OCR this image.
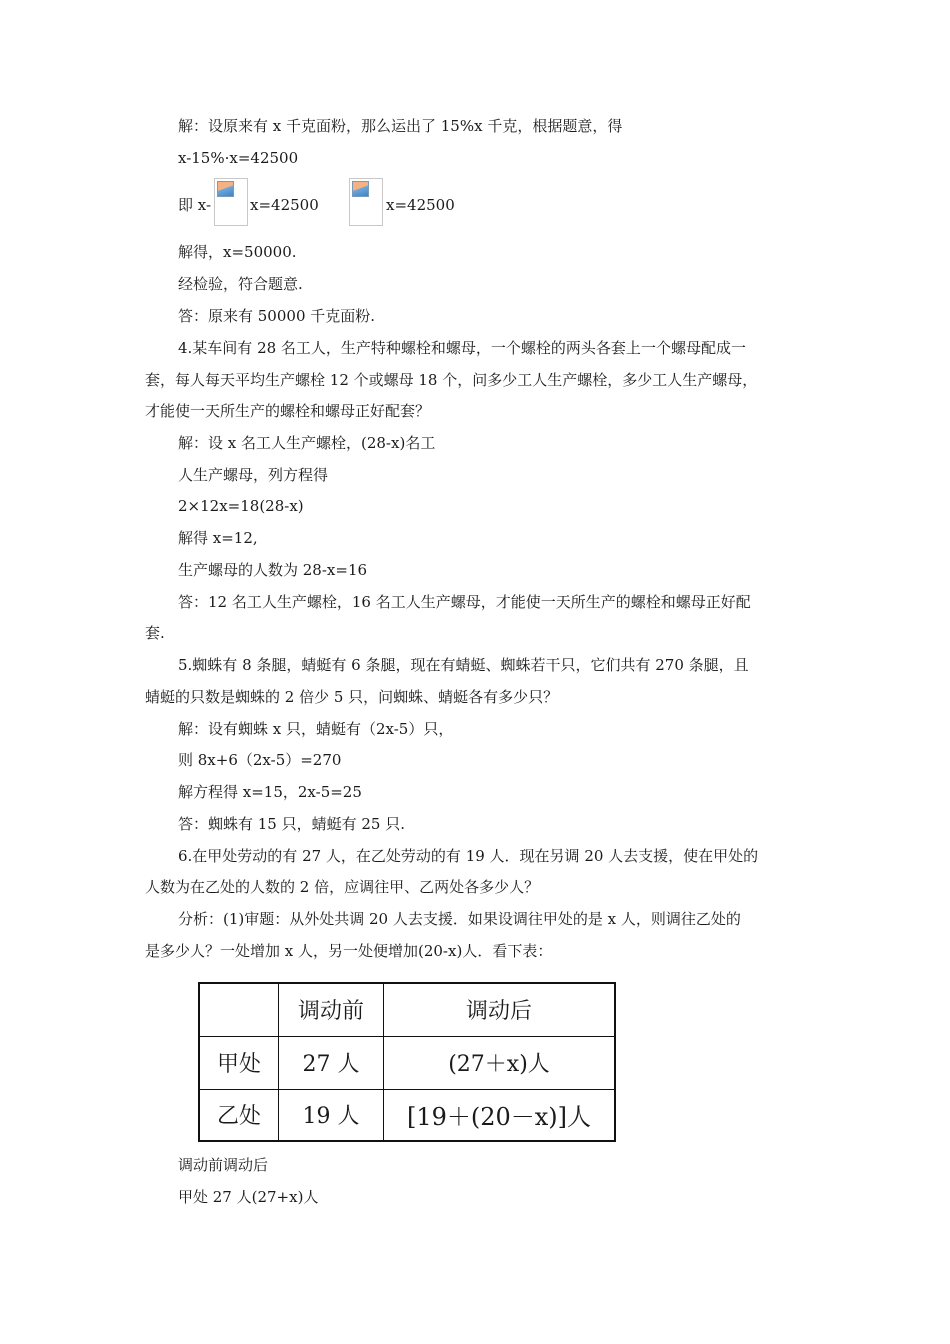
解：设原来有 x 千克面粉，那么运出了 15%x 千克，根据题意，得
x-15%·x=42500
即 x-	x=42500	x=42500
解得，x=50000.
经检验，符合题意.
答：原来有 50000 千克面粉.
4.某车间有 28 名工人，生产特种螺栓和螺母，一个螺栓的两头各套上一个螺母配成一
套，每人每天平均生产螺栓 12 个或螺母 18 个，问多少工人生产螺栓，多少工人生产螺母，
才能使一天所生产的螺栓和螺母正好配套？
解：设 x 名工人生产螺栓，(28-x)名工
人生产螺母，列方程得
2×12x=18(28-x)
解得 x=12,
生产螺母的人数为 28-x=16
答：12 名工人生产螺栓，16 名工人生产螺母，才能使一天所生产的螺栓和螺母正好配
套.
5.蜘蛛有 8 条腿，蜻蜓有 6 条腿，现在有蜻蜓、蜘蛛若干只，它们共有 270 条腿，且
蜻蜓的只数是蜘蛛的 2 倍少 5 只，问蜘蛛、蜻蜓各有多少只？
解：设有蜘蛛 x 只，蜻蜓有（2x-5）只，
则 8x+6（2x-5）=270
解方程得 x=15，2x-5=25
答：蜘蛛有 15 只，蜻蜓有 25 只.
6.在甲处劳动的有 27 人，在乙处劳动的有 19 人．现在另调 20 人去支援，使在甲处的
人数为在乙处的人数的 2 倍，应调往甲、乙两处各多少人？
分析：(1)审题：从外处共调 20 人去支援．如果设调往甲处的是 x 人，则调往乙处的
是多少人？一处增加 x 人，另一处便增加(20-x)人．看下表：
	调动前	调动后
甲处	27 人	(27＋x)人
乙处	19 人	[19＋(20－x)]人
调动前调动后
甲处 27 人(27+x)人
